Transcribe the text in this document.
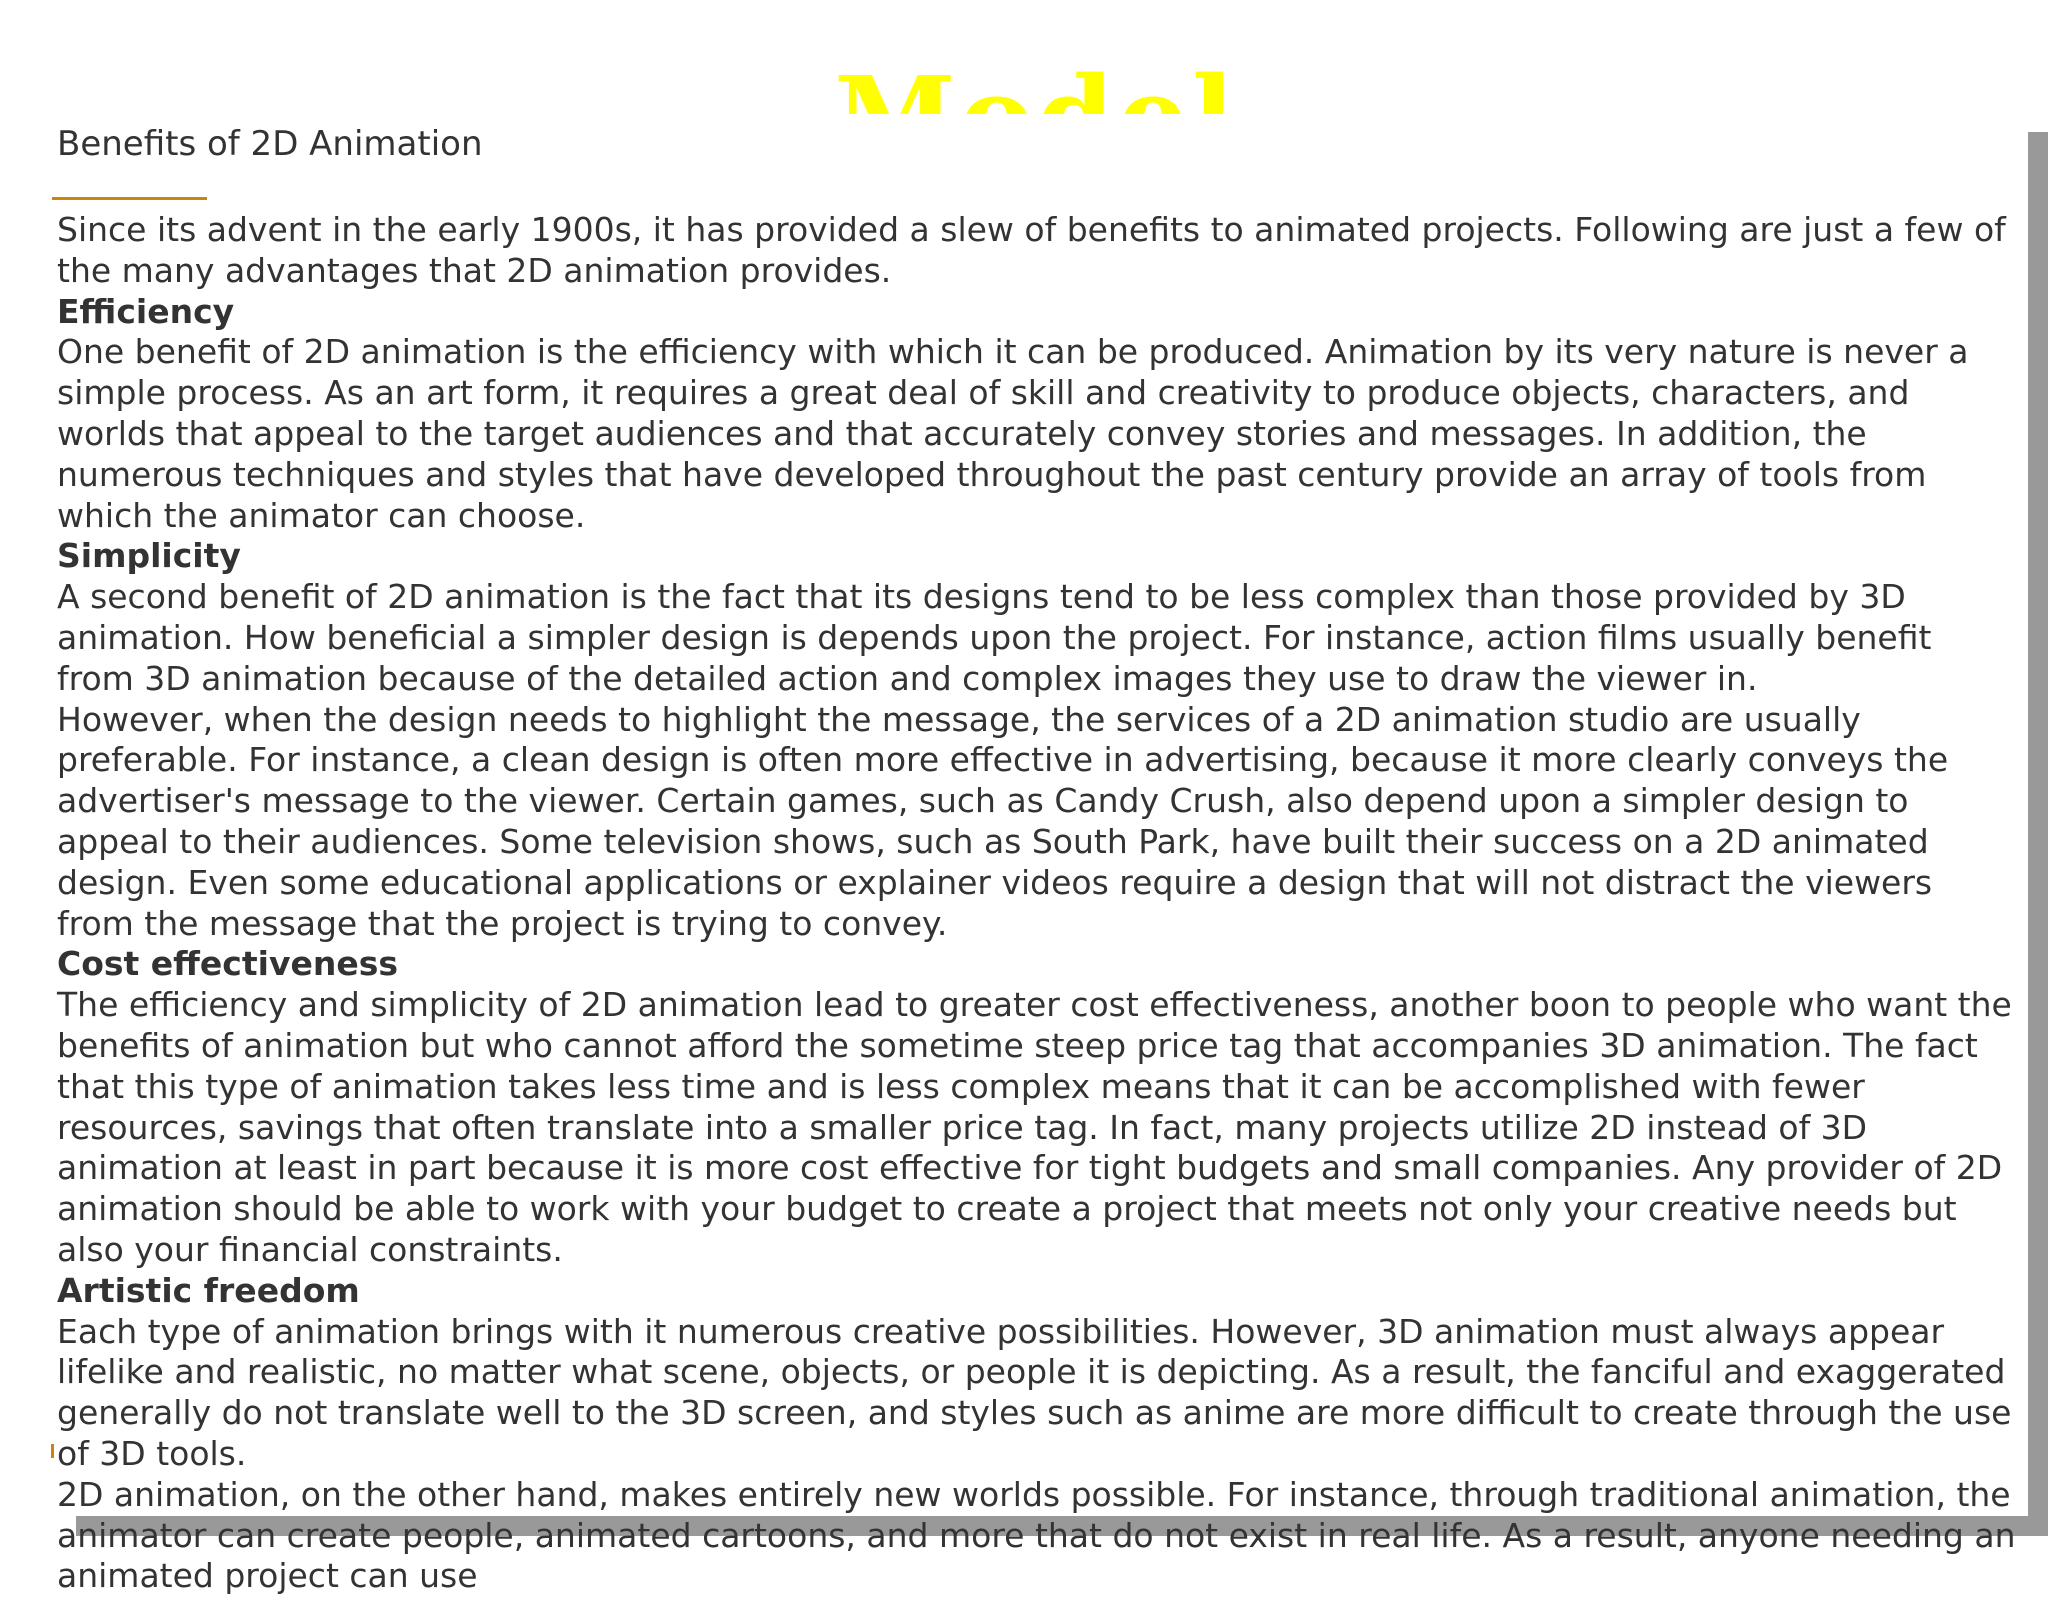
Benefits of 2D Animation

Since its advent in the early 1900s, it has provided a slew of benefits to animated projects. Following are just a few of the many advantages that 2D animation provides.

Efficiency

One benefit of 2D animation is the efficiency with which it can be produced. Animation by its very nature is never a simple process. As an art form, it requires a great deal of skill and creativity to produce objects, characters, and worlds that appeal to the target audiences and that accurately convey stories and messages. In addition, the numerous techniques and styles that have developed throughout the past century provide an array of tools from which the animator can choose.

Simplicity

A second benefit of 2D animation is the fact that its designs tend to be less complex than those provided by 3D animation. How beneficial a simpler design is depends upon the project. For instance, action films usually benefit from 3D animation because of the detailed action and complex images they use to draw the viewer in.

However, when the design needs to highlight the message, the services of a 2D animation studio are usually preferable. For instance, a clean design is often more effective in advertising, because it more clearly conveys the advertiser's message to the viewer. Certain games, such as Candy Crush, also depend upon a simpler design to appeal to their audiences. Some television shows, such as South Park, have built their success on a 2D animated design. Even some educational applications or explainer videos require a design that will not distract the viewers from the message that the project is trying to convey.

Cost effectiveness

The efficiency and simplicity of 2D animation lead to greater cost effectiveness, another boon to people who want the benefits of animation but who cannot afford the sometime steep price tag that accompanies 3D animation. The fact that this type of animation takes less time and is less complex means that it can be accomplished with fewer resources, savings that often translate into a smaller price tag. In fact, many projects utilize 2D instead of 3D animation at least in part because it is more cost effective for tight budgets and small companies. Any provider of 2D animation should be able to work with your budget to create a project that meets not only your creative needs but also your financial constraints.

Artistic freedom

Each type of animation brings with it numerous creative possibilities. However, 3D animation must always appear lifelike and realistic, no matter what scene, objects, or people it is depicting. As a result, the fanciful and exaggerated generally do not translate well to the 3D screen, and styles such as anime are more difficult to create through the use of 3D tools.

2D animation, on the other hand, makes entirely new worlds possible. For instance, through traditional animation, the animator can create people, animated cartoons, and more that do not exist in real life. As a result, anyone needing an animated project can use
